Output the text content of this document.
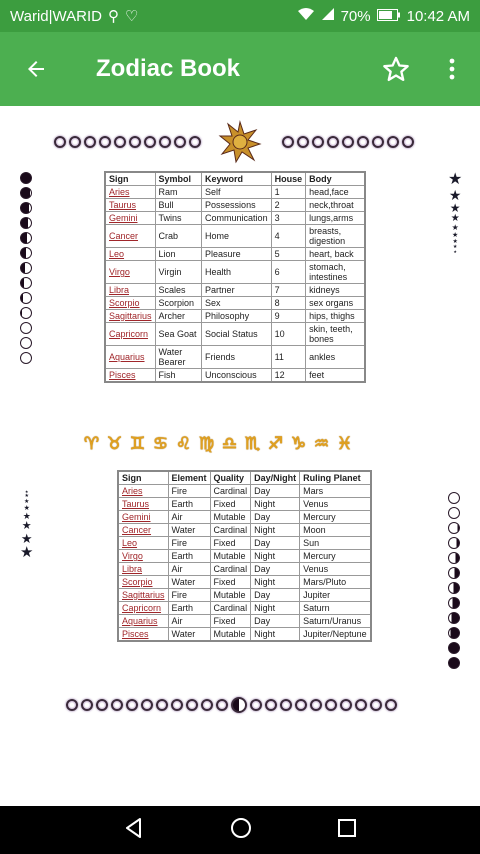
Warid|WARID ⚲ ♡	70% 10:42 AM
Zodiac Book
★
★
★
★
★
★
★
★
★
Sign	Symbol	Keyword	House	Body
Aries	Ram	Self	1	head,face
Taurus	Bull	Possessions	2	neck,throat
Gemini	Twins	Communication	3	lungs,arms
Cancer	Crab	Home	4	breasts, digestion
Leo	Lion	Pleasure	5	heart, back
Virgo	Virgin	Health	6	stomach, intestines
Libra	Scales	Partner	7	kidneys
Scorpio	Scorpion	Sex	8	sex organs
Sagittarius	Archer	Philosophy	9	hips, thighs
Capricorn	Sea Goat	Social Status	10	skin, teeth, bones
Aquarius	Water Bearer	Friends	11	ankles
Pisces	Fish	Unconscious	12	feet
♈︎ ♉︎ ♊︎ ♋︎ ♌︎ ♍︎ ♎︎ ♏︎ ♐︎ ♑︎ ♒︎ ♓︎
★
★
★
★
★
★
★
★
Sign	Element	Quality	Day/Night	Ruling Planet
Aries	Fire	Cardinal	Day	Mars
Taurus	Earth	Fixed	Night	Venus
Gemini	Air	Mutable	Day	Mercury
Cancer	Water	Cardinal	Night	Moon
Leo	Fire	Fixed	Day	Sun
Virgo	Earth	Mutable	Night	Mercury
Libra	Air	Cardinal	Day	Venus
Scorpio	Water	Fixed	Night	Mars/Pluto
Sagittarius	Fire	Mutable	Day	Jupiter
Capricorn	Earth	Cardinal	Night	Saturn
Aquarius	Air	Fixed	Day	Saturn/Uranus
Pisces	Water	Mutable	Night	Jupiter/Neptune
